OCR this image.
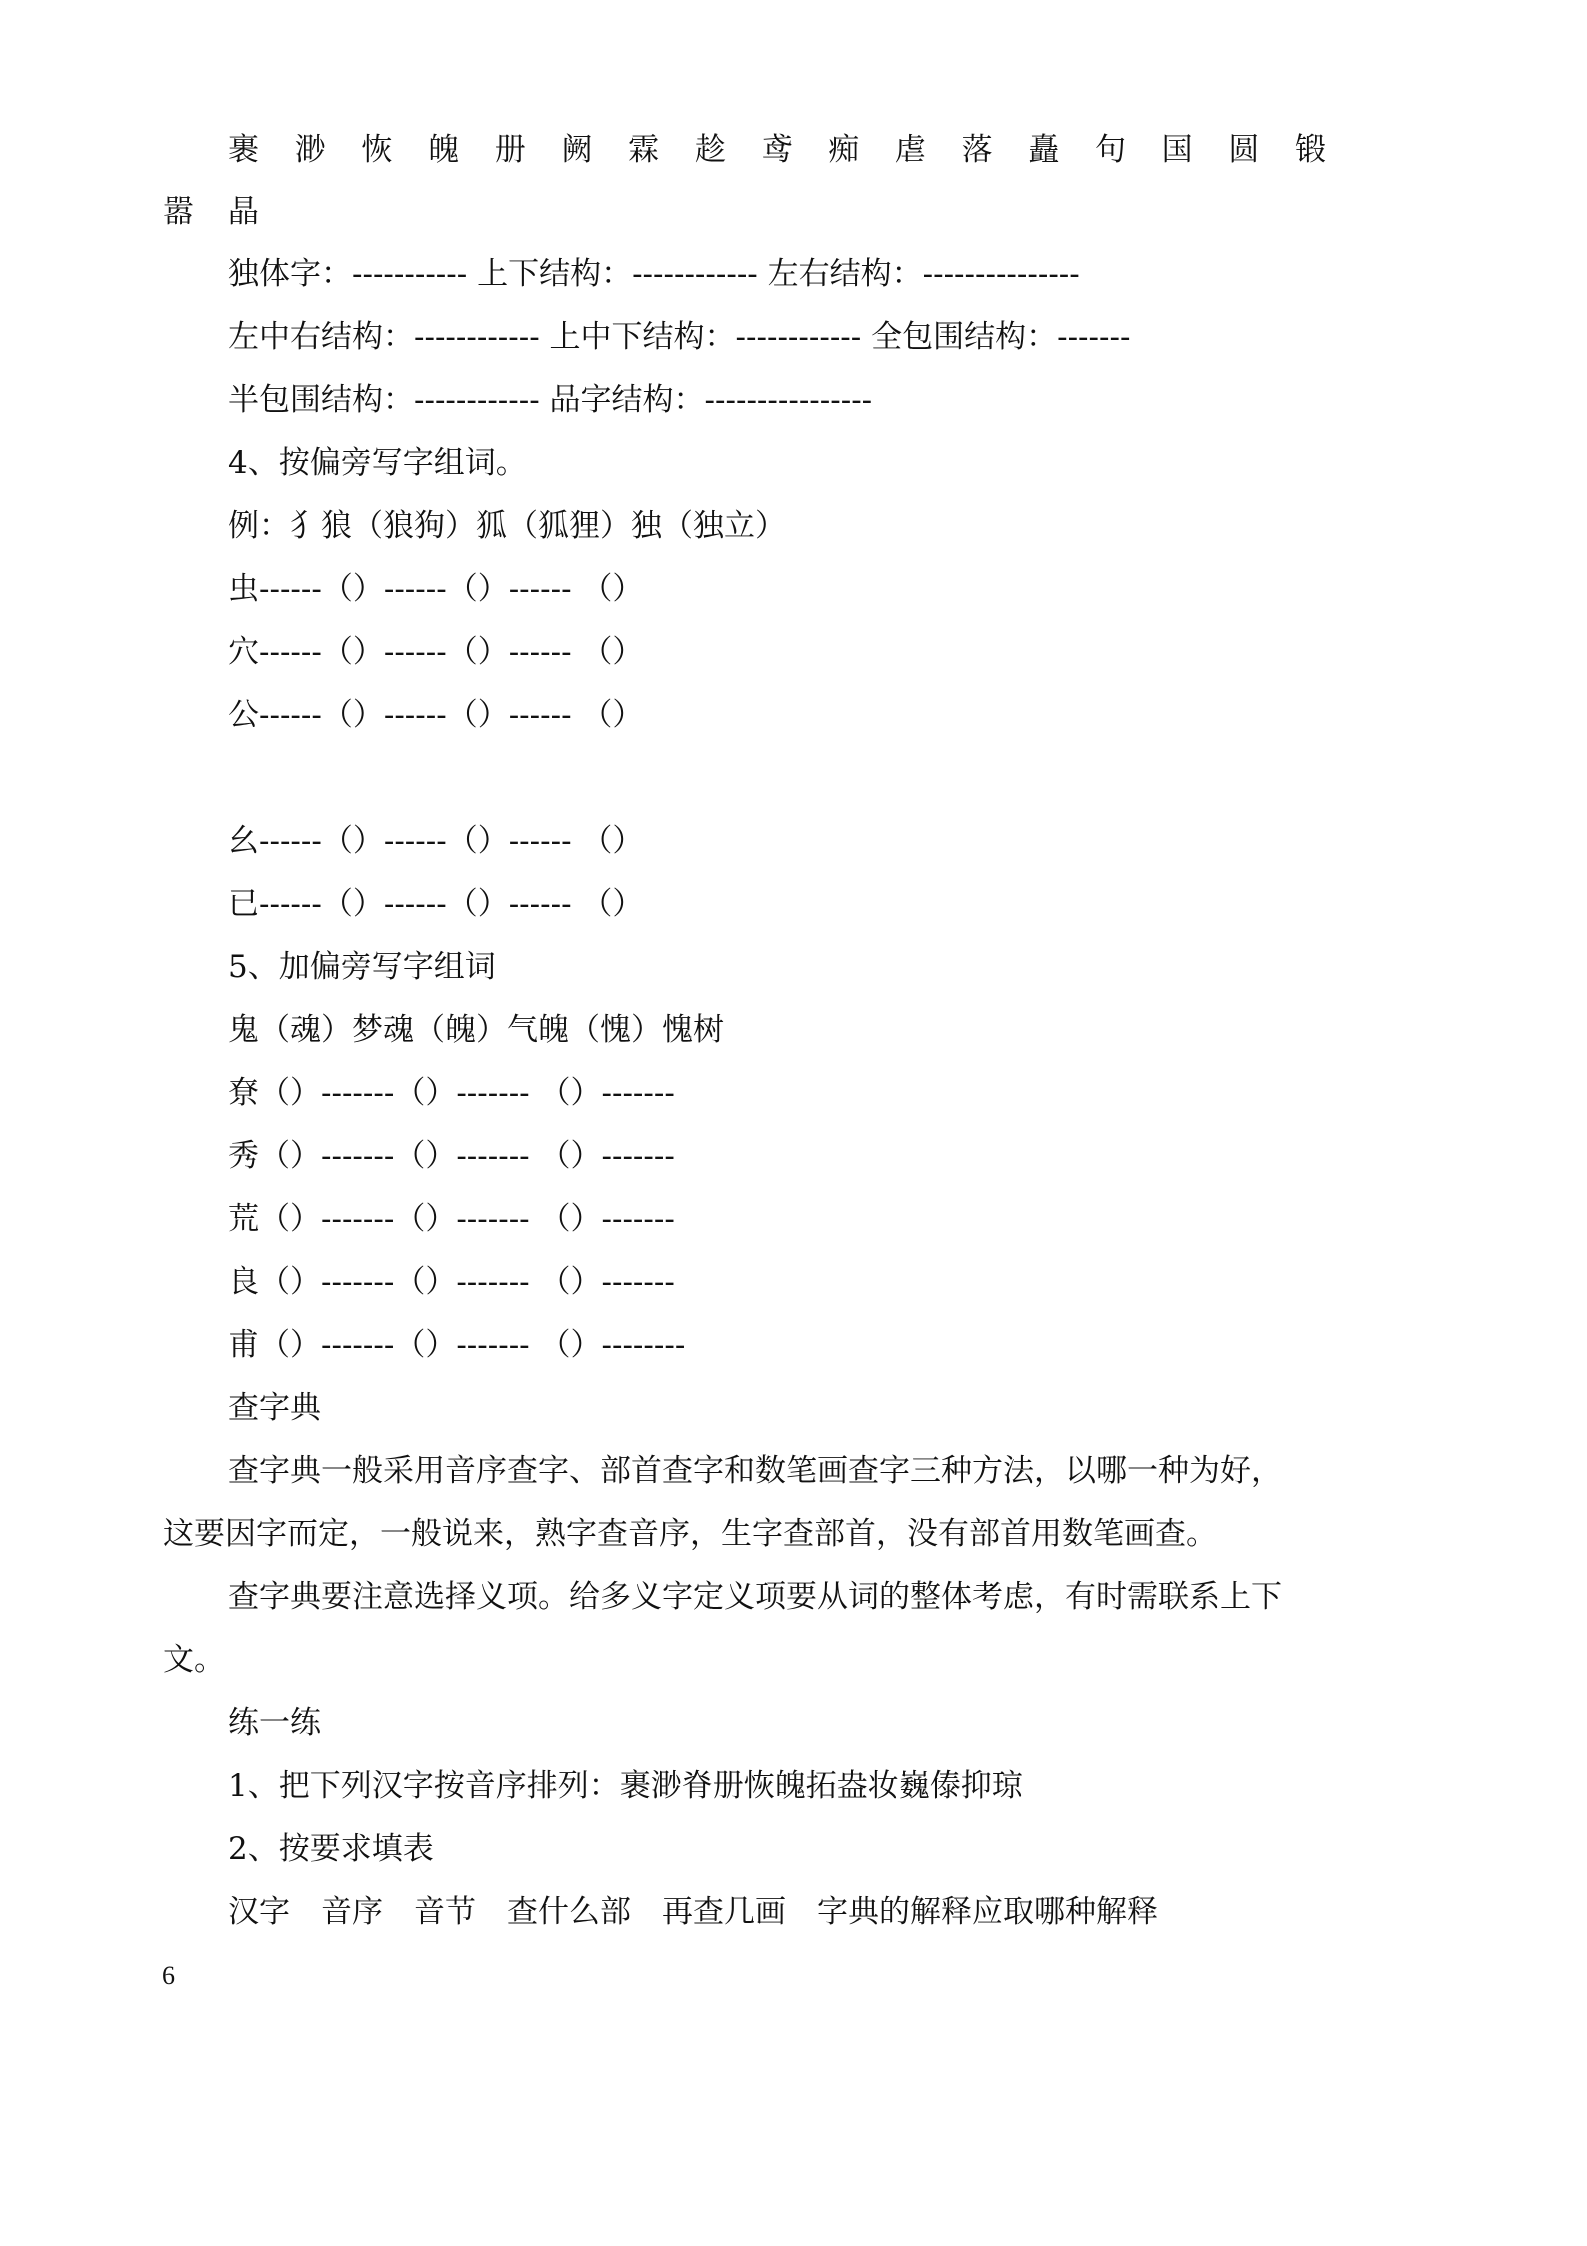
裹 渺 恢 魄 册 阙 霖 趁 鸢 痴 虐 落 矗 句 国 圆 锻
嚣 晶
独体字：----------- 上下结构：------------ 左右结构：---------------
左中右结构：------------ 上中下结构：------------ 全包围结构：-------
半包围结构：------------ 品字结构：----------------
4、按偏旁写字组词。
例：犭狼（狼狗）狐（狐狸）独（独立）
虫------（）------（）------ （）
穴------（）------（）------ （）
公------（）------（）------ （）
幺------（）------（）------ （）
已------（）------（）------ （）
5、加偏旁写字组词
鬼（魂）梦魂（魄）气魄（愧）愧树
尞（）-------（）------- （）-------
秀（）-------（）------- （）-------
荒（）-------（）------- （）-------
良（）-------（）------- （）-------
甫（）-------（）------- （）--------
查字典
查字典一般采用音序查字、部首查字和数笔画查字三种方法，以哪一种为好，
这要因字而定，一般说来，熟字查音序，生字查部首，没有部首用数笔画查。
查字典要注意选择义项。给多义字定义项要从词的整体考虑，有时需联系上下
文。
练一练
1、把下列汉字按音序排列：裹渺脊册恢魄拓盎妆巍傣抑琼
2、按要求填表
汉字　音序　音节　查什么部　再查几画　字典的解释应取哪种解释
6
